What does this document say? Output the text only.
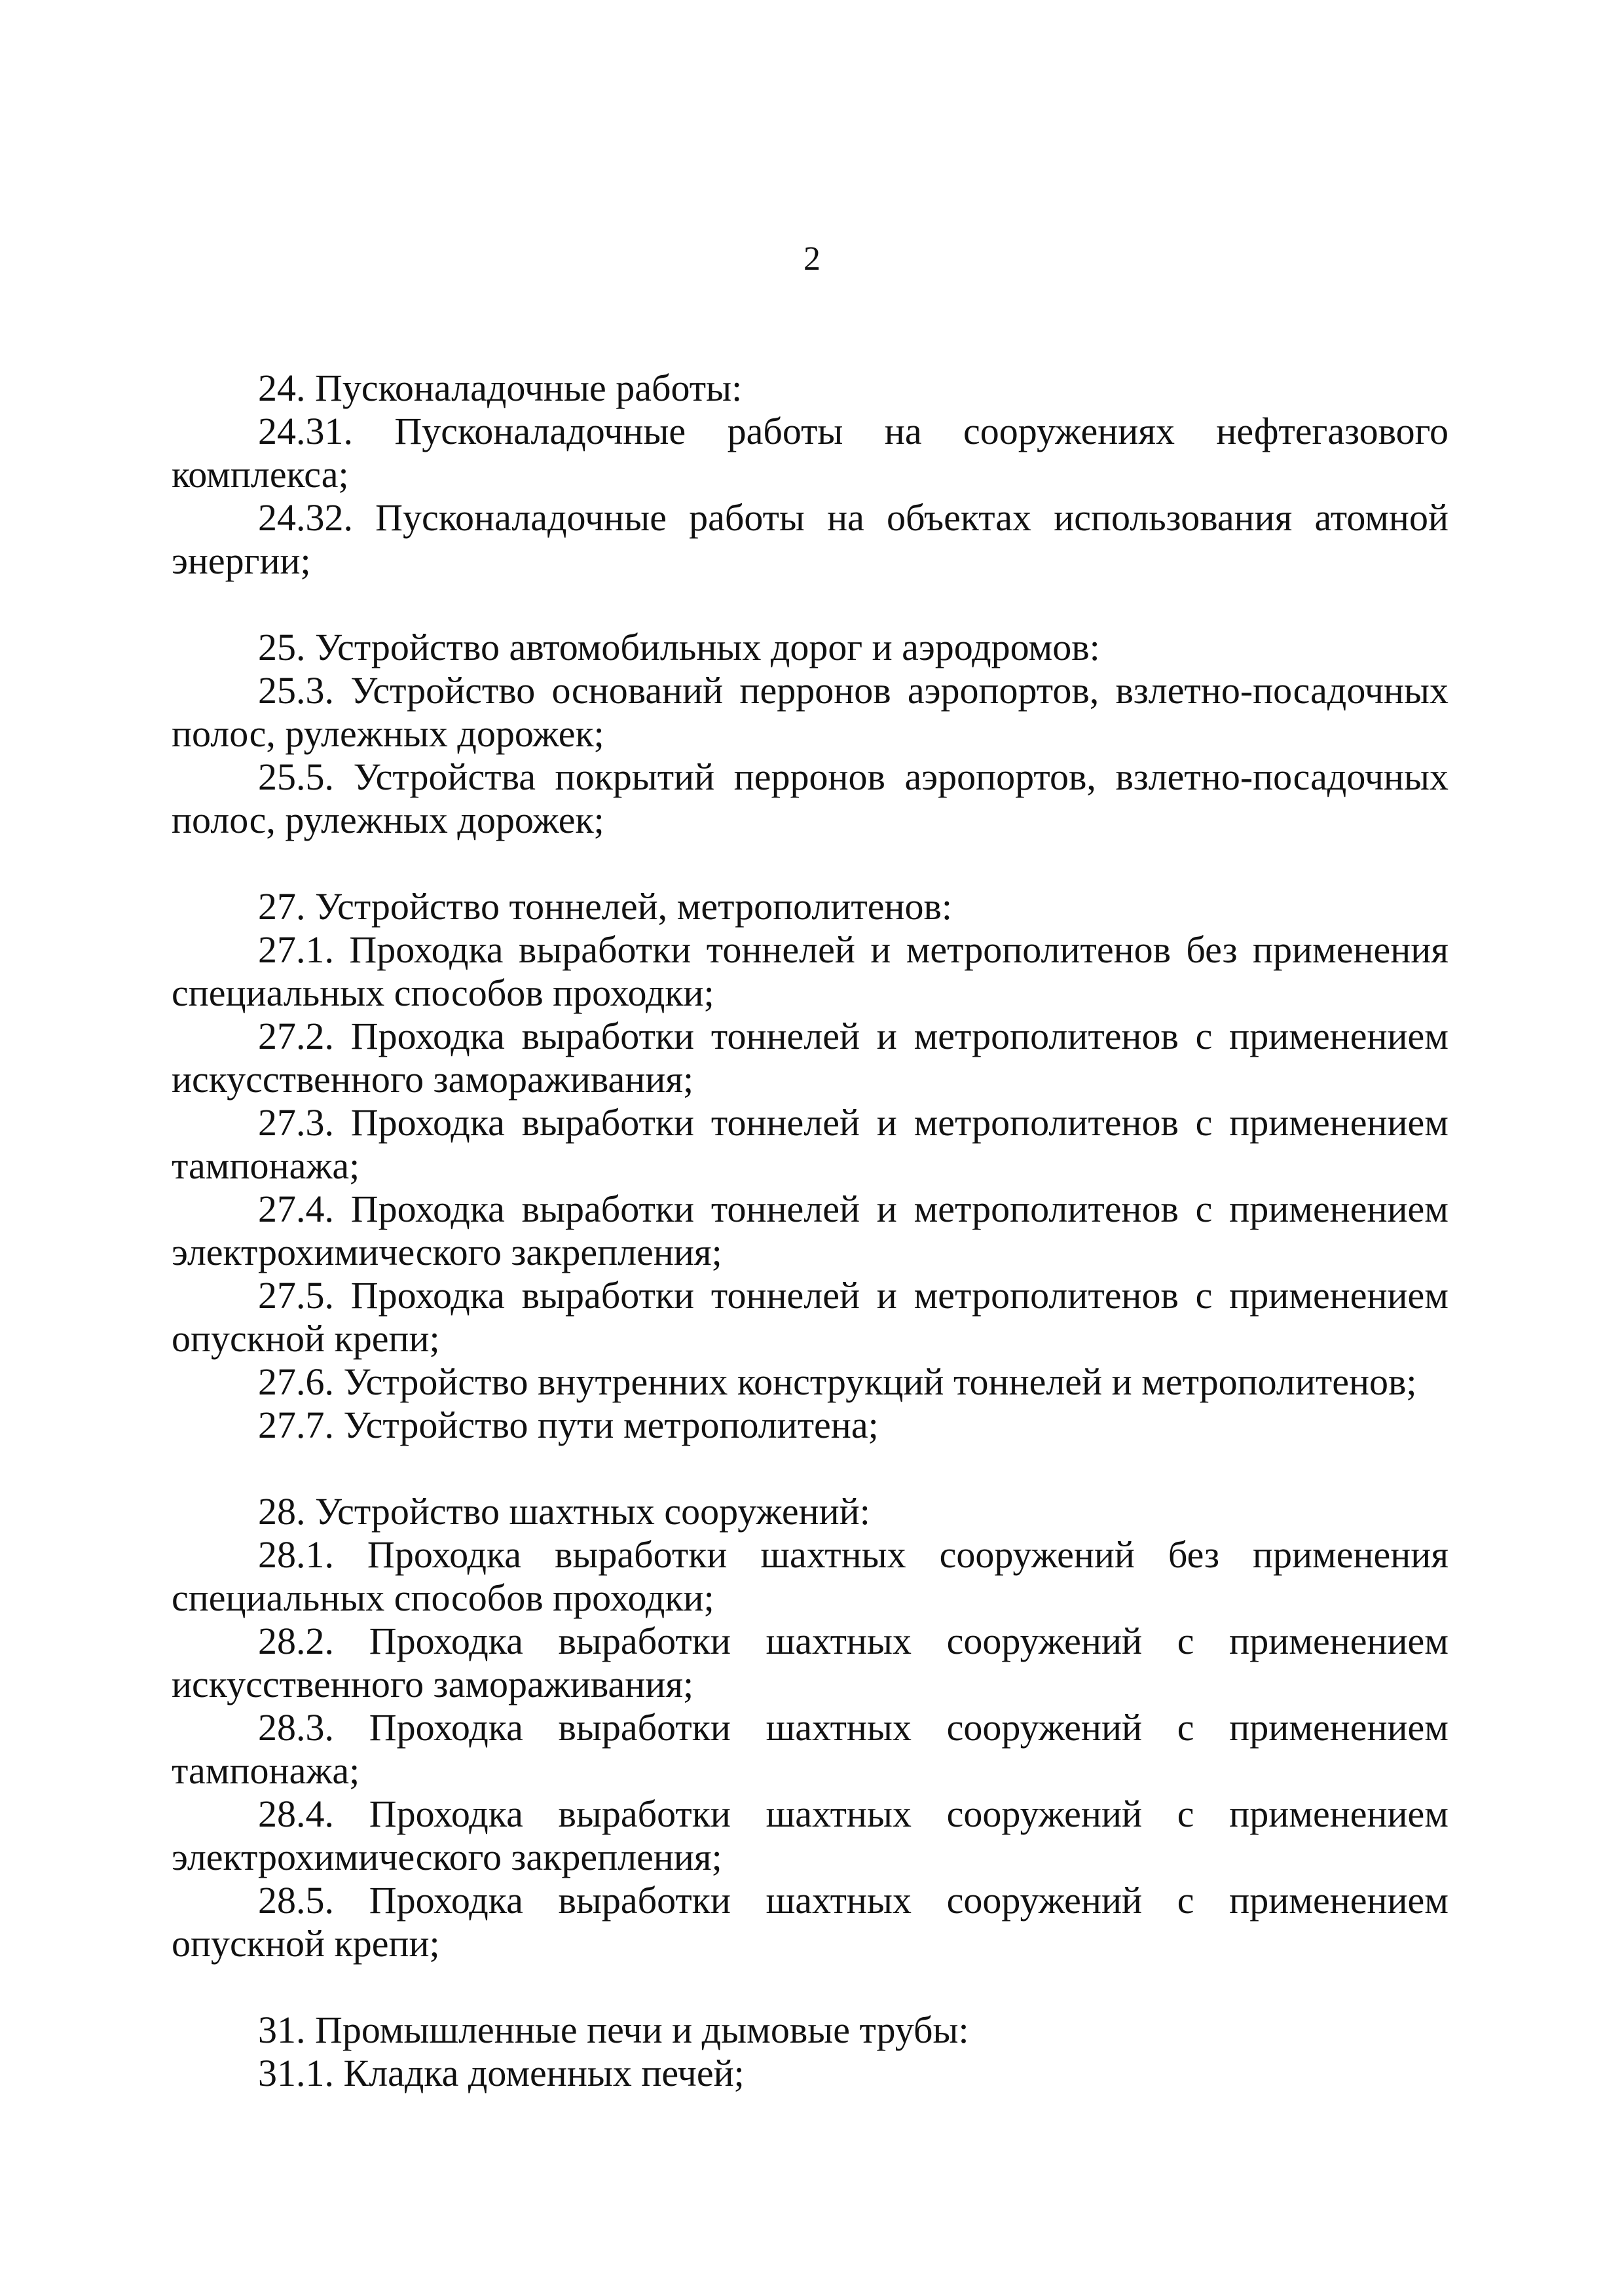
2

24. Пусконаладочные работы:

24.31. Пусконаладочные работы на сооружениях нефтегазового комплекса;

24.32. Пусконаладочные работы на объектах использования атомной энергии;

25. Устройство автомобильных дорог и аэродромов:

25.3. Устройство оснований перронов аэропортов, взлетно-посадочных полос, рулежных дорожек;

25.5. Устройства покрытий перронов аэропортов, взлетно-посадочных полос, рулежных дорожек;

27. Устройство тоннелей, метрополитенов:

27.1. Проходка выработки тоннелей и метрополитенов без применения специальных способов проходки;

27.2. Проходка выработки тоннелей и метрополитенов с применением искусственного замораживания;

27.3. Проходка выработки тоннелей и метрополитенов с применением тампонажа;

27.4. Проходка выработки тоннелей и метрополитенов с применением электрохимического закрепления;

27.5. Проходка выработки тоннелей и метрополитенов с применением опускной крепи;

27.6. Устройство внутренних конструкций тоннелей и метрополитенов;

27.7. Устройство пути метрополитена;

28. Устройство шахтных сооружений:

28.1. Проходка выработки шахтных сооружений без применения специальных способов проходки;

28.2. Проходка выработки шахтных сооружений с применением искусственного замораживания;

28.3. Проходка выработки шахтных сооружений с применением тампонажа;

28.4. Проходка выработки шахтных сооружений с применением электрохимического закрепления;

28.5. Проходка выработки шахтных сооружений с применением опускной крепи;

31. Промышленные печи и дымовые трубы:

31.1. Кладка доменных печей;
